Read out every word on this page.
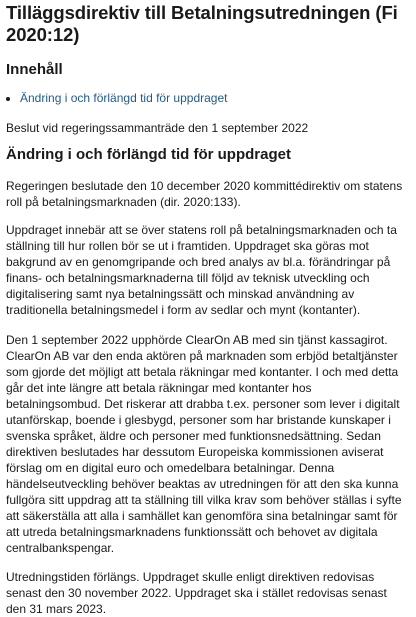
Tilläggsdirektiv till Betalningsutredningen (Fi 2020:12)
Innehåll
• Ändring i och förlängd tid för uppdraget

Beslut vid regeringssammanträde den 1 september 2022

Ändring i och förlängd tid för uppdraget

Regeringen beslutade den 10 december 2020 kommittédirektiv om statens roll på betalningsmarknaden (dir. 2020:133).

Uppdraget innebär att se över statens roll på betalningsmarknaden och ta ställning till hur rollen bör se ut i framtiden. Uppdraget ska göras mot bakgrund av en genomgripande och bred analys av bl.a. förändringar på finans- och betalningsmarknaderna till följd av teknisk utveckling och digitalisering samt nya betalningssätt och minskad användning av traditionella betalningsmedel i form av sedlar och mynt (kontanter).

Den 1 september 2022 upphörde ClearOn AB med sin tjänst kassagirot. ClearOn AB var den enda aktören på marknaden som erbjöd betaltjänster som gjorde det möjligt att betala räkningar med kontanter. I och med detta går det inte längre att betala räkningar med kontanter hos betalningsombud. Det riskerar att drabba t.ex. personer som lever i digitalt utanförskap, boende i glesbygd, personer som har bristande kunskaper i svenska språket, äldre och personer med funktionsnedsättning. Sedan direktiven beslutades har dessutom Europeiska kommissionen aviserat förslag om en digital euro och omedelbara betalningar. Denna händelseutveckling behöver beaktas av utredningen för att den ska kunna fullgöra sitt uppdrag att ta ställning till vilka krav som behöver ställas i syfte att säkerställa att alla i samhället kan genomföra sina betalningar samt för att utreda betalningsmarknadens funktionssätt och behovet av digitala centralbankspengar.

Utredningstiden förlängs. Uppdraget skulle enligt direktiven redovisas senast den 30 november 2022. Uppdraget ska i stället redovisas senast den 31 mars 2023.
